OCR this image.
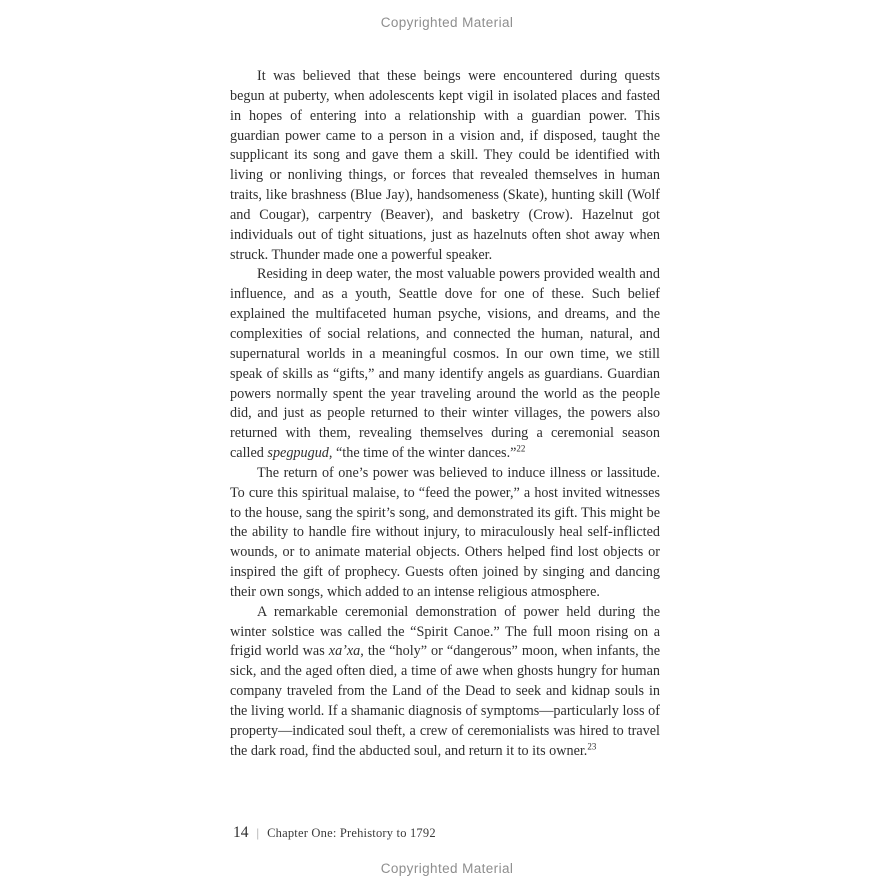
Copyrighted Material

It was believed that these beings were encountered during quests begun at puberty, when adolescents kept vigil in isolated places and fasted in hopes of entering into a relationship with a guardian power. This guardian power came to a person in a vision and, if disposed, taught the supplicant its song and gave them a skill. They could be identified with living or nonliving things, or forces that revealed themselves in human traits, like brashness (Blue Jay), handsomeness (Skate), hunting skill (Wolf and Cougar), carpentry (Beaver), and basketry (Crow). Hazelnut got individuals out of tight situations, just as hazelnuts often shot away when struck. Thunder made one a powerful speaker.

Residing in deep water, the most valuable powers provided wealth and influence, and as a youth, Seattle dove for one of these. Such belief explained the multifaceted human psyche, visions, and dreams, and the complexities of social relations, and connected the human, natural, and supernatural worlds in a meaningful cosmos. In our own time, we still speak of skills as “gifts,” and many identify angels as guardians. Guardian powers normally spent the year traveling around the world as the people did, and just as people returned to their winter villages, the powers also returned with them, revealing themselves during a ceremonial season called spegpugud, “the time of the winter dances.”$^{22}$

The return of one’s power was believed to induce illness or lassitude. To cure this spiritual malaise, to “feed the power,” a host invited witnesses to the house, sang the spirit’s song, and demonstrated its gift. This might be the ability to handle fire without injury, to miraculously heal self-inflicted wounds, or to animate material objects. Others helped find lost objects or inspired the gift of prophecy. Guests often joined by singing and dancing their own songs, which added to an intense religious atmosphere.

A remarkable ceremonial demonstration of power held during the winter solstice was called the “Spirit Canoe.” The full moon rising on a frigid world was xaʼxa, the “holy” or “dangerous” moon, when infants, the sick, and the aged often died, a time of awe when ghosts hungry for human company traveled from the Land of the Dead to seek and kidnap souls in the living world. If a shamanic diagnosis of symptoms—particularly loss of property—indicated soul theft, a crew of ceremonialists was hired to travel the dark road, find the abducted soul, and return it to its owner.$^{23}$

14 | Chapter One: Prehistory to 1792
Copyrighted Material
